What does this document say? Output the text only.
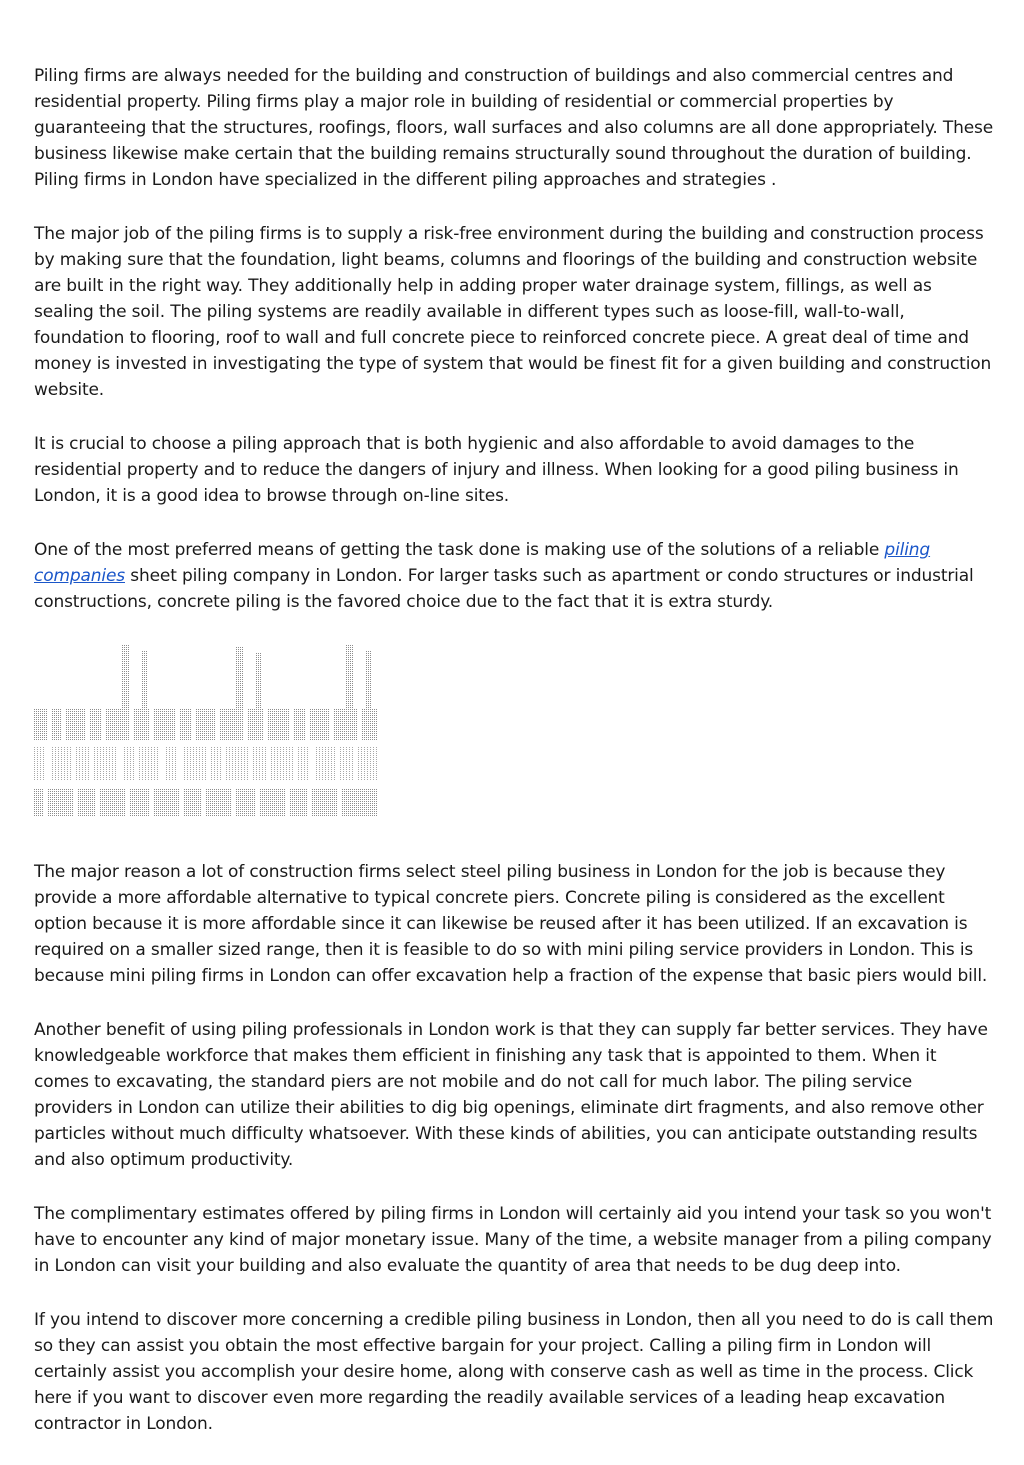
Piling firms are always needed for the building and construction of buildings and also commercial centres and residential property. Piling firms play a major role in building of residential or commercial properties by guaranteeing that the structures, roofings, floors, wall surfaces and also columns are all done appropriately. These business likewise make certain that the building remains structurally sound throughout the duration of building. Piling firms in London have specialized in the different piling approaches and strategies .

The major job of the piling firms is to supply a risk-free environment during the building and construction process by making sure that the foundation, light beams, columns and floorings of the building and construction website are built in the right way. They additionally help in adding proper water drainage system, fillings, as well as sealing the soil. The piling systems are readily available in different types such as loose-fill, wall-to-wall, foundation to flooring, roof to wall and full concrete piece to reinforced concrete piece. A great deal of time and money is invested in investigating the type of system that would be finest fit for a given building and construction website.

It is crucial to choose a piling approach that is both hygienic and also affordable to avoid damages to the residential property and to reduce the dangers of injury and illness. When looking for a good piling business in London, it is a good idea to browse through on-line sites.

One of the most preferred means of getting the task done is making use of the solutions of a reliable piling companies sheet piling company in London. For larger tasks such as apartment or condo structures or industrial constructions, concrete piling is the favored choice due to the fact that it is extra sturdy.

The major reason a lot of construction firms select steel piling business in London for the job is because they provide a more affordable alternative to typical concrete piers. Concrete piling is considered as the excellent option because it is more affordable since it can likewise be reused after it has been utilized. If an excavation is required on a smaller sized range, then it is feasible to do so with mini piling service providers in London. This is because mini piling firms in London can offer excavation help a fraction of the expense that basic piers would bill.

Another benefit of using piling professionals in London work is that they can supply far better services. They have knowledgeable workforce that makes them efficient in finishing any task that is appointed to them. When it comes to excavating, the standard piers are not mobile and do not call for much labor. The piling service providers in London can utilize their abilities to dig big openings, eliminate dirt fragments, and also remove other particles without much difficulty whatsoever. With these kinds of abilities, you can anticipate outstanding results and also optimum productivity.

The complimentary estimates offered by piling firms in London will certainly aid you intend your task so you won't have to encounter any kind of major monetary issue. Many of the time, a website manager from a piling company in London can visit your building and also evaluate the quantity of area that needs to be dug deep into.

If you intend to discover more concerning a credible piling business in London, then all you need to do is call them so they can assist you obtain the most effective bargain for your project. Calling a piling firm in London will certainly assist you accomplish your desire home, along with conserve cash as well as time in the process. Click here if you want to discover even more regarding the readily available services of a leading heap excavation contractor in London.
